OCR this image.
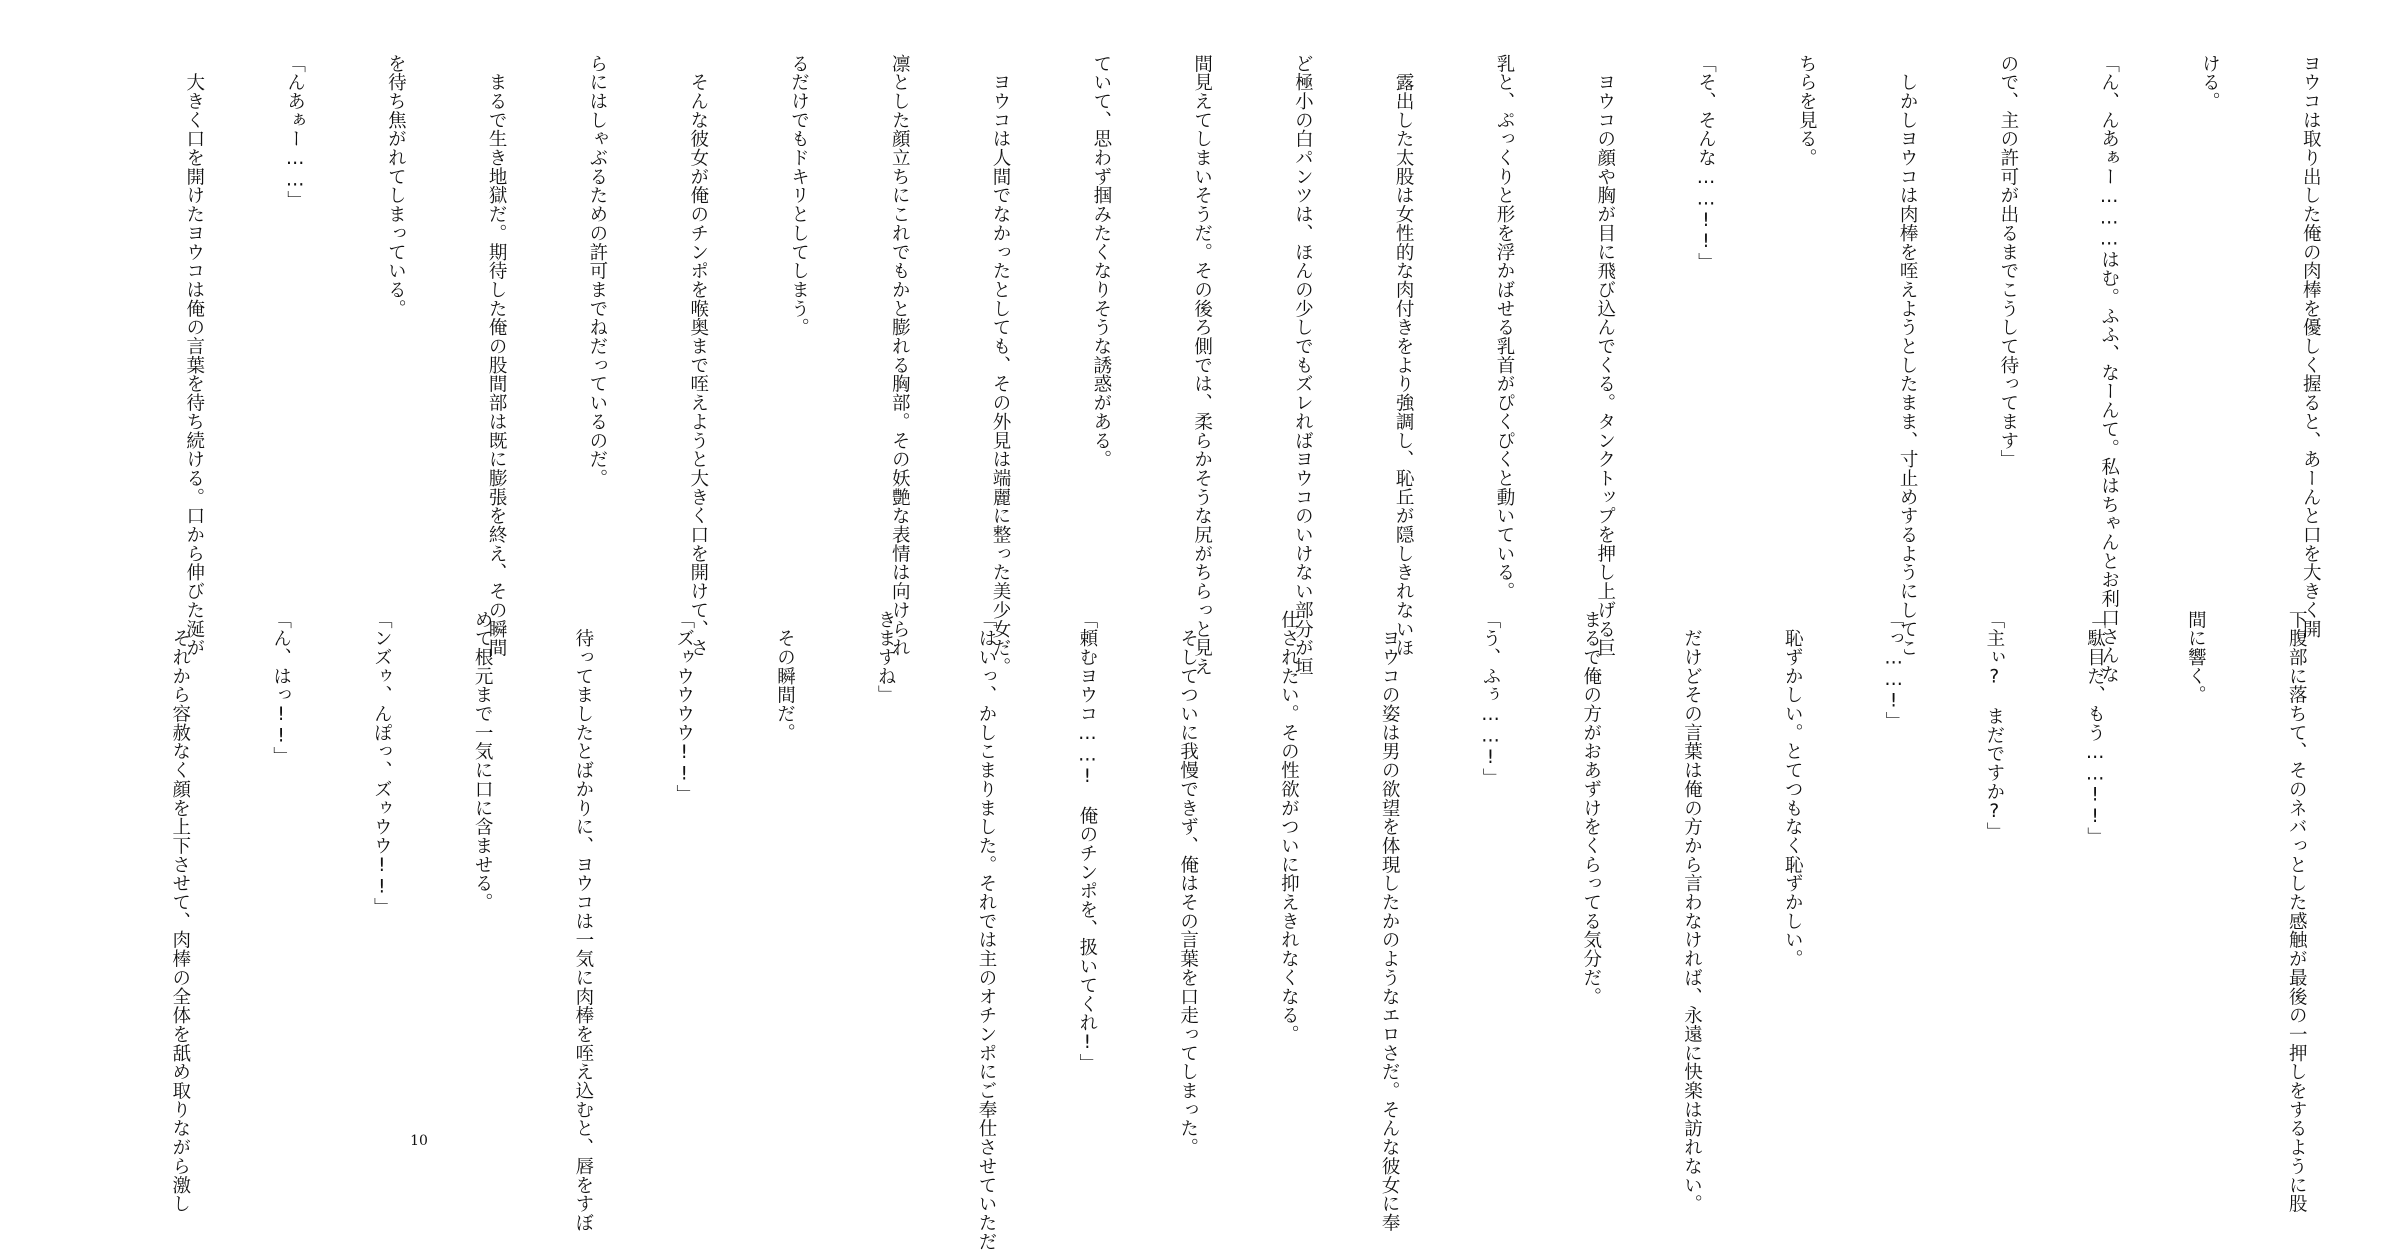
ヨウコは取り出した俺の肉棒を優しく握ると、あーんと口を大きく開

ける。

「ん、んあぁー………はむ。ふふ、なーんて。私はちゃんとお利口さんな

ので、主の許可が出るまでこうして待ってます」

　しかしヨウコは肉棒を咥えようとしたまま、寸止めするようにしてこ

ちらを見る。

「そ、そんな……!!」

　ヨウコの顔や胸が目に飛び込んでくる。タンクトップを押し上げる巨

乳と、ぷっくりと形を浮かばせる乳首がぴくぴくと動いている。

　露出した太股は女性的な肉付きをより強調し、恥丘が隠しきれないほ

ど極小の白パンツは、ほんの少しでもズレればヨウコのいけない部分が垣

間見えてしまいそうだ。その後ろ側では、柔らかそうな尻がちらっと見え

ていて、思わず掴みたくなりそうな誘惑がある。

　ヨウコは人間でなかったとしても、その外見は端麗に整った美少女だ。

凛とした顔立ちにこれでもかと膨れる胸部。その妖艶な表情は向けられ

るだけでもドキリとしてしまう。

　そんな彼女が俺のチンポを喉奥まで咥えようと大きく口を開けて、さ

らにはしゃぶるための許可までねだっているのだ。

　まるで生き地獄だ。期待した俺の股間部は既に膨張を終え、その瞬間

を待ち焦がれてしまっている。

「んあぁー……」

　大きく口を開けたヨウコは俺の言葉を待ち続ける。口から伸びた涎が

下腹部に落ちて、そのネバっとした感触が最後の一押しをするように股

間に響く。

「駄目だ、もう……!!」

「主ぃ?　まだですか?」

「っ……!」

　恥ずかしい。とてつもなく恥ずかしい。

　だけどその言葉は俺の方から言わなければ、永遠に快楽は訪れない。

まるで俺の方がおあずけをくらってる気分だ。

「う、ふぅ……!」

　ヨウコの姿は男の欲望を体現したかのようなエロさだ。そんな彼女に奉

仕されたい。その性欲がついに抑えきれなくなる。

　そしてついに我慢できず、俺はその言葉を口走ってしまった。

「頼むヨウコ……!　俺のチンポを、扱いてくれ!」

「はいっ、かしこまりました。それでは主のオチンポにご奉仕させていただ

きますね」

　その瞬間だ。

「ズゥウウウウ!!」

　待ってましたとばかりに、ヨウコは一気に肉棒を咥え込むと、唇をすぼ

めて根元まで一気に口に含ませる。

「ンズゥ、んぽっ、ズゥウウ!!」

「ん、はっ!!」

　それから容赦なく顔を上下させて、肉棒の全体を舐め取りながら激し

	10
